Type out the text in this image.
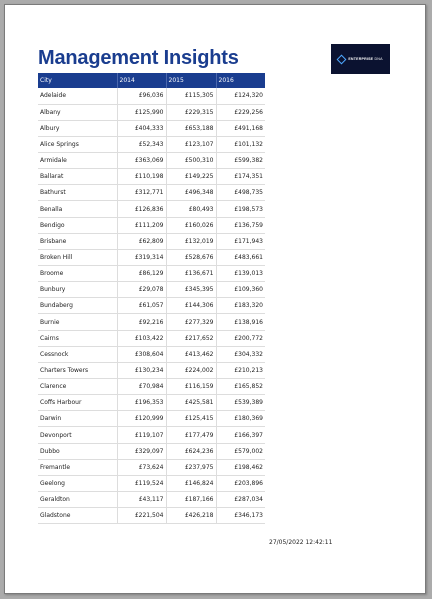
Management Insights	ENTERPRISE DNA
City	2014	2015	2016
Adelaide	£96,036	£115,305	£124,320
Albany	£125,990	£229,315	£229,256
Albury	£404,333	£653,188	£491,168
Alice Springs	£52,343	£123,107	£101,132
Armidale	£363,069	£500,310	£599,382
Ballarat	£110,198	£149,225	£174,351
Bathurst	£312,771	£496,348	£498,735
Benalla	£126,836	£80,493	£198,573
Bendigo	£111,209	£160,026	£136,759
Brisbane	£62,809	£132,019	£171,943
Broken Hill	£319,314	£528,676	£483,661
Broome	£86,129	£136,671	£139,013
Bunbury	£29,078	£345,395	£109,360
Bundaberg	£61,057	£144,306	£183,320
Burnie	£92,216	£277,329	£138,916
Cairns	£103,422	£217,652	£200,772
Cessnock	£308,604	£413,462	£304,332
Charters Towers	£130,234	£224,002	£210,213
Clarence	£70,984	£116,159	£165,852
Coffs Harbour	£196,353	£425,581	£539,389
Darwin	£120,999	£125,415	£180,369
Devonport	£119,107	£177,479	£166,397
Dubbo	£329,097	£624,236	£579,002
Fremantle	£73,624	£237,975	£198,462
Geelong	£119,524	£146,824	£203,896
Geraldton	£43,117	£187,166	£287,034
Gladstone	£221,504	£426,218	£346,173
27/05/2022 12:42:11
